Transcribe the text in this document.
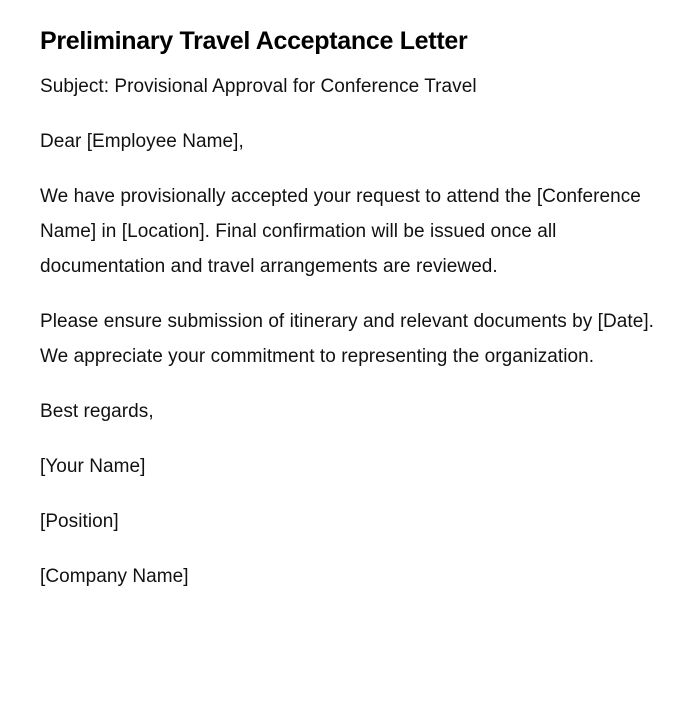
Preliminary Travel Acceptance Letter

Subject: Provisional Approval for Conference Travel

Dear [Employee Name],

We have provisionally accepted your request to attend the [Conference Name] in [Location]. Final confirmation will be issued once all documentation and travel arrangements are reviewed.

Please ensure submission of itinerary and relevant documents by [Date]. We appreciate your commitment to representing the organization.

Best regards,

[Your Name]

[Position]

[Company Name]
